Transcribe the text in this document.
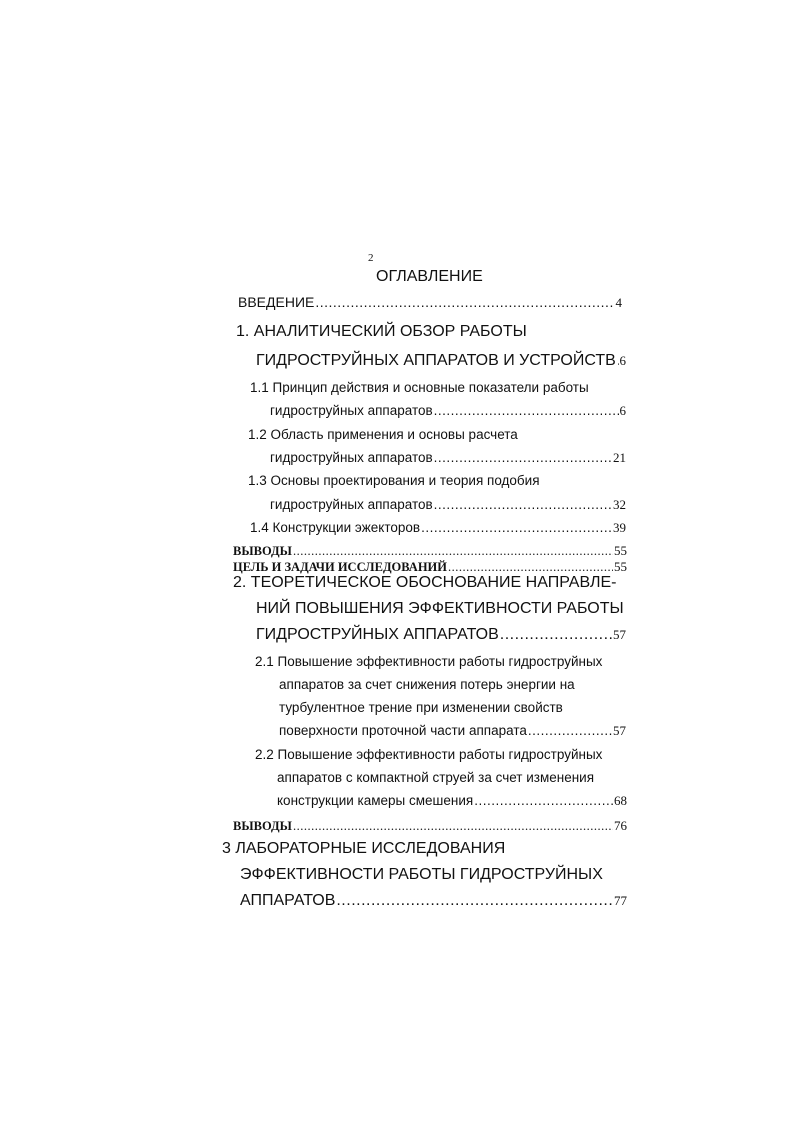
2
ОГЛАВЛЕНИЕ
ВВЕДЕНИЕ .....	4
1. АНАЛИТИЧЕСКИЙ ОБЗОР РАБОТЫ
ГИДРОСТРУЙНЫХ АППАРАТОВ И УСТРОЙСТВ ..... 6
1.1 Принцип действия и основные показатели работы
гидроструйных аппаратов .....	6
1.2 Область применения и основы расчета
гидроструйных аппаратов .....	21
1.3 Основы проектирования и теория подобия
гидроструйных аппаратов .....	32
1.4 Конструкции эжекторов .....	39
ВЫВОДЫ .....	55
ЦЕЛЬ И ЗАДАЧИ ИССЛЕДОВАНИЙ .....	55
2. ТЕОРЕТИЧЕСКОЕ ОБОСНОВАНИЕ НАПРАВЛЕ-
НИЙ ПОВЫШЕНИЯ ЭФФЕКТИВНОСТИ РАБОТЫ
ГИДРОСТРУЙНЫХ АППАРАТОВ .....	57
2.1 Повышение эффективности работы гидроструйных
аппаратов за счет снижения потерь энергии на
турбулентное трение при изменении свойств
поверхности проточной части аппарата .....	57
2.2 Повышение эффективности работы гидроструйных
аппаратов с компактной струей за счет изменения
конструкции камеры смешения .....	68
ВЫВОДЫ .....	76
3 ЛАБОРАТОРНЫЕ ИССЛЕДОВАНИЯ
ЭФФЕКТИВНОСТИ РАБОТЫ ГИДРОСТРУЙНЫХ
АППАРАТОВ .....	77
